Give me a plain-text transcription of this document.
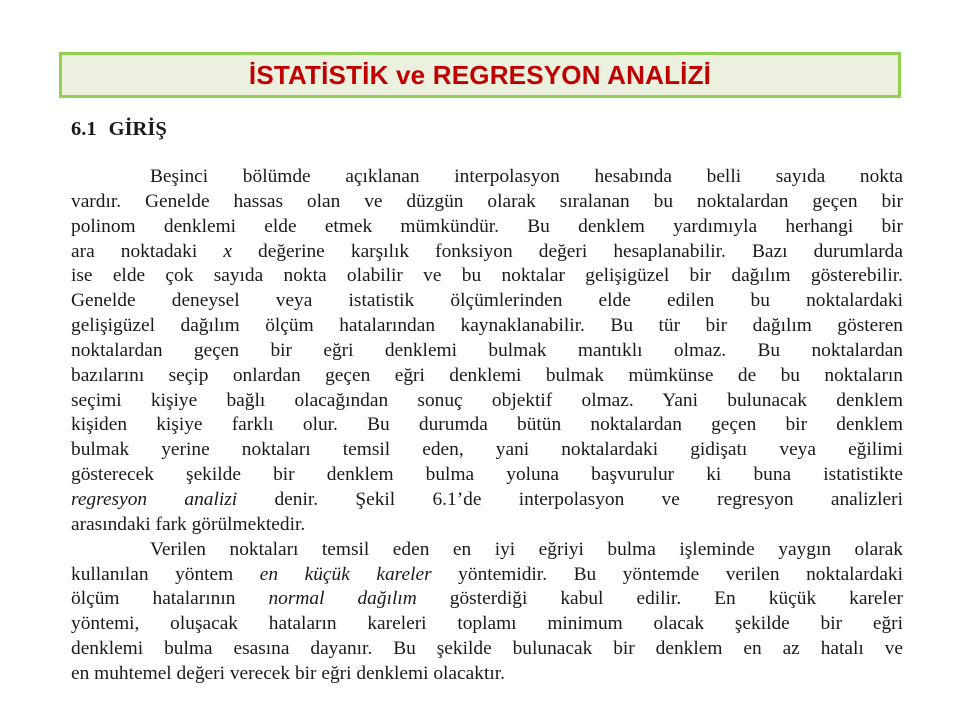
İSTATİSTİK ve REGRESYON ANALİZİ
6.1 GİRİŞ
Beşinci bölümde açıklanan interpolasyon hesabında belli sayıda nokta
vardır. Genelde hassas olan ve düzgün olarak sıralanan bu noktalardan geçen bir
polinom denklemi elde etmek mümkündür. Bu denklem yardımıyla herhangi bir
ara noktadaki x değerine karşılık fonksiyon değeri hesaplanabilir. Bazı durumlarda
ise elde çok sayıda nokta olabilir ve bu noktalar gelişigüzel bir dağılım gösterebilir.
Genelde deneysel veya istatistik ölçümlerinden elde edilen bu noktalardaki
gelişigüzel dağılım ölçüm hatalarından kaynaklanabilir. Bu tür bir dağılım gösteren
noktalardan geçen bir eğri denklemi bulmak mantıklı olmaz. Bu noktalardan
bazılarını seçip onlardan geçen eğri denklemi bulmak mümkünse de bu noktaların
seçimi kişiye bağlı olacağından sonuç objektif olmaz. Yani bulunacak denklem
kişiden kişiye farklı olur. Bu durumda bütün noktalardan geçen bir denklem
bulmak yerine noktaları temsil eden, yani noktalardaki gidişatı veya eğilimi
gösterecek şekilde bir denklem bulma yoluna başvurulur ki buna istatistikte
regresyon analizi denir. Şekil 6.1’de interpolasyon ve regresyon analizleri
arasındaki fark görülmektedir.
Verilen noktaları temsil eden en iyi eğriyi bulma işleminde yaygın olarak
kullanılan yöntem en küçük kareler yöntemidir. Bu yöntemde verilen noktalardaki
ölçüm hatalarının normal dağılım gösterdiği kabul edilir. En küçük kareler
yöntemi, oluşacak hataların kareleri toplamı minimum olacak şekilde bir eğri
denklemi bulma esasına dayanır. Bu şekilde bulunacak bir denklem en az hatalı ve
en muhtemel değeri verecek bir eğri denklemi olacaktır.
